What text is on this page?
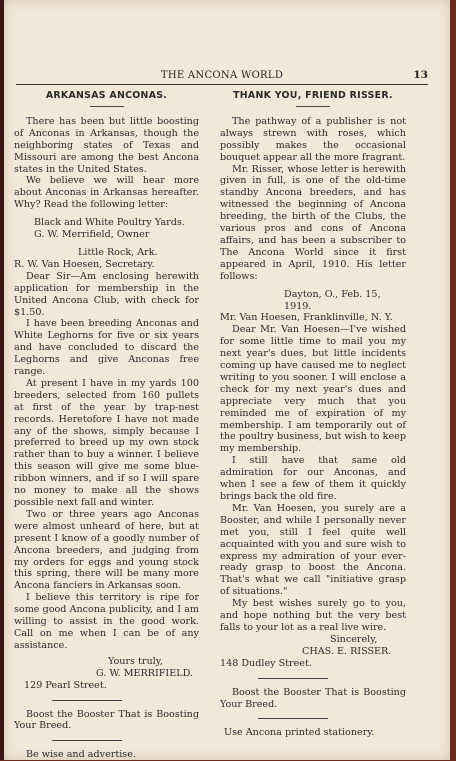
THE ANCONA WORLD	13
ARKANSAS ANCONAS.

There has been but little boosting of Anconas in Arkansas, though the neighboring states of Texas and Missouri are among the best Ancona states in the United States.

We believe we will hear more about Anconas in Arkansas hereafter. Why? Read the following letter:

Black and White Poultry Yards.
G. W. Merrifield, Owner
Little Rock, Ark.
R. W. Van Hoesen, Secretary.

Dear Sir—Am enclosing herewith application for membership in the United Ancona Club, with check for $1.50.

I have been breeding Anconas and White Leghorns for five or six years and have concluded to discard the Leghorns and give Anconas free range.

At present I have in my yards 100 breeders, selected from 160 pullets at first of the year by trap-nest records. Heretofore I have not made any of the shows, simply because I preferred to breed up my own stock rather than to buy a winner. I believe this season will give me some blue-ribbon winners, and if so I will spare no money to make all the shows possible next fall and winter.

Two or three years ago Anconas were almost unheard of here, but at present I know of a goodly number of Ancona breeders, and judging from my orders for eggs and young stock this spring, there will be many more Ancona fanciers in Arkansas soon.

I believe this territory is ripe for some good Ancona publicity, and I am willing to assist in the good work. Call on me when I can be of any assistance.

Yours truly,
G. W. MERRIFIELD.
129 Pearl Street.

Boost the Booster That is Boosting Your Breed.

Be wise and advertise.
THANK YOU, FRIEND RISSER.

The pathway of a publisher is not always strewn with roses, which possibly makes the occasional bouquet appear all the more fragrant.

Mr. Risser, whose letter is herewith given in full, is one of the old-time standby Ancona breeders, and has witnessed the beginning of Ancona breeding, the birth of the Clubs, the various pros and cons of Ancona affairs, and has been a subscriber to The Ancona World since it first appeared in April, 1910. His letter follows:

Dayton, O., Feb. 15, 1919.
Mr. Van Hoesen, Franklinville, N. Y.

Dear Mr. Van Hoesen—I've wished for some little time to mail you my next year's dues, but little incidents coming up have caused me to neglect writing to you sooner. I will enclose a check for my next year's dues and appreciate very much that you reminded me of expiration of my membership. I am temporarily out of the poultry business, but wish to keep my membership.

I still have that same old admiration for our Anconas, and when I see a few of them it quickly brings back the old fire.

Mr. Van Hoesen, you surely are a Booster, and while I personally never met you, still I feel quite well acquainted with you and sure wish to express my admiration of your ever-ready grasp to boost the Ancona. That's what we call "initiative grasp of situations."

My best wishes surely go to you, and hope nothing but the very best falls to your lot as a real live wire.

Sincerely,
CHAS. E. RISSER.
148 Dudley Street.

Boost the Booster That is Boosting Your Breed.

Use Ancona printed stationery.
